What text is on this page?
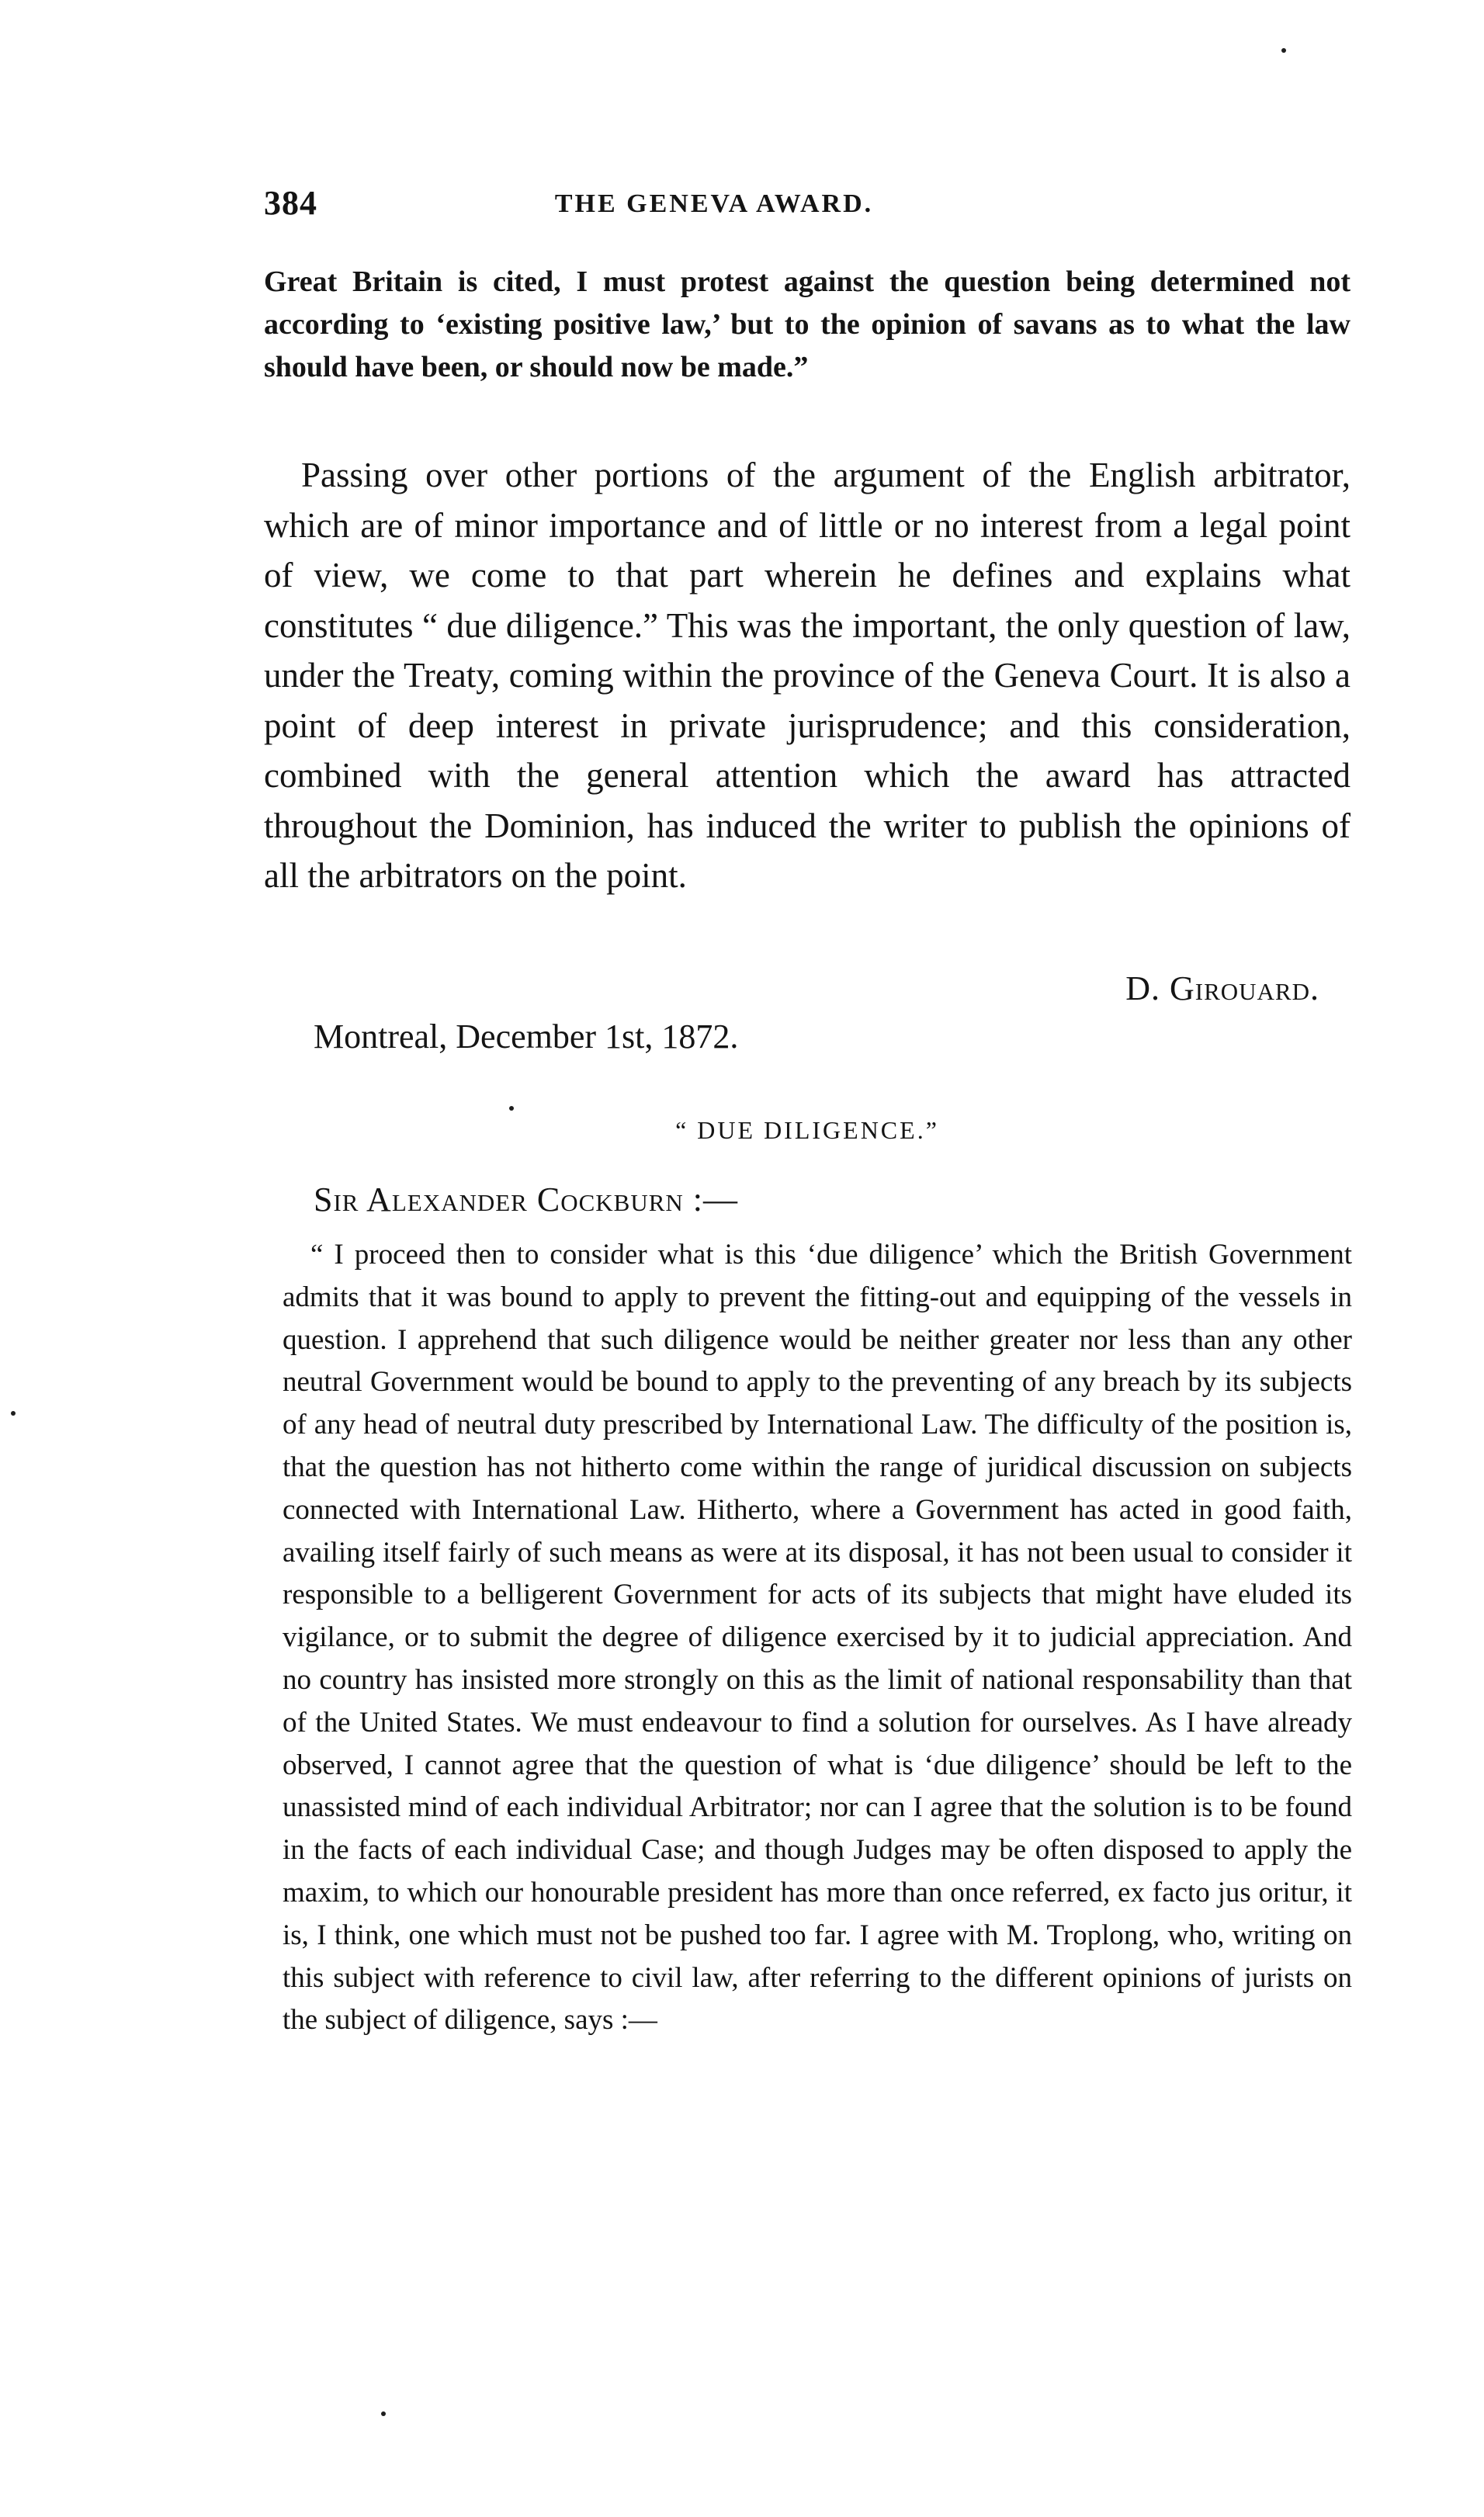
384	THE GENEVA AWARD.

Great Britain is cited, I must protest against the question being determined not according to ‘existing positive law,’ but to the opinion of savans as to what the law should have been, or should now be made.”

Passing over other portions of the argument of the English arbitrator, which are of minor importance and of little or no interest from a legal point of view, we come to that part wherein he defines and explains what constitutes “ due diligence.” This was the important, the only question of law, under the Treaty, coming within the province of the Geneva Court. It is also a point of deep interest in private jurisprudence; and this consideration, combined with the general attention which the award has attracted throughout the Dominion, has induced the writer to publish the opinions of all the arbitrators on the point.

D. Girouard.
Montreal, December 1st, 1872.
“ DUE DILIGENCE.”
Sir Alexander Cockburn :—

“ I proceed then to consider what is this ‘due diligence’ which the British Government admits that it was bound to apply to prevent the fitting-out and equipping of the vessels in question. I apprehend that such diligence would be neither greater nor less than any other neutral Government would be bound to apply to the preventing of any breach by its subjects of any head of neutral duty prescribed by International Law. The difficulty of the position is, that the question has not hitherto come within the range of juridical discussion on subjects connected with International Law. Hitherto, where a Government has acted in good faith, availing itself fairly of such means as were at its disposal, it has not been usual to consider it responsible to a belligerent Government for acts of its subjects that might have eluded its vigilance, or to submit the degree of diligence exercised by it to judicial appreciation. And no country has insisted more strongly on this as the limit of national responsability than that of the United States. We must endeavour to find a solution for ourselves. As I have already observed, I cannot agree that the question of what is ‘due diligence’ should be left to the unassisted mind of each individual Arbitrator; nor can I agree that the solution is to be found in the facts of each individual Case; and though Judges may be often disposed to apply the maxim, to which our honourable president has more than once referred, ex facto jus oritur, it is, I think, one which must not be pushed too far. I agree with M. Troplong, who, writing on this subject with reference to civil law, after referring to the different opinions of jurists on the subject of diligence, says :—
